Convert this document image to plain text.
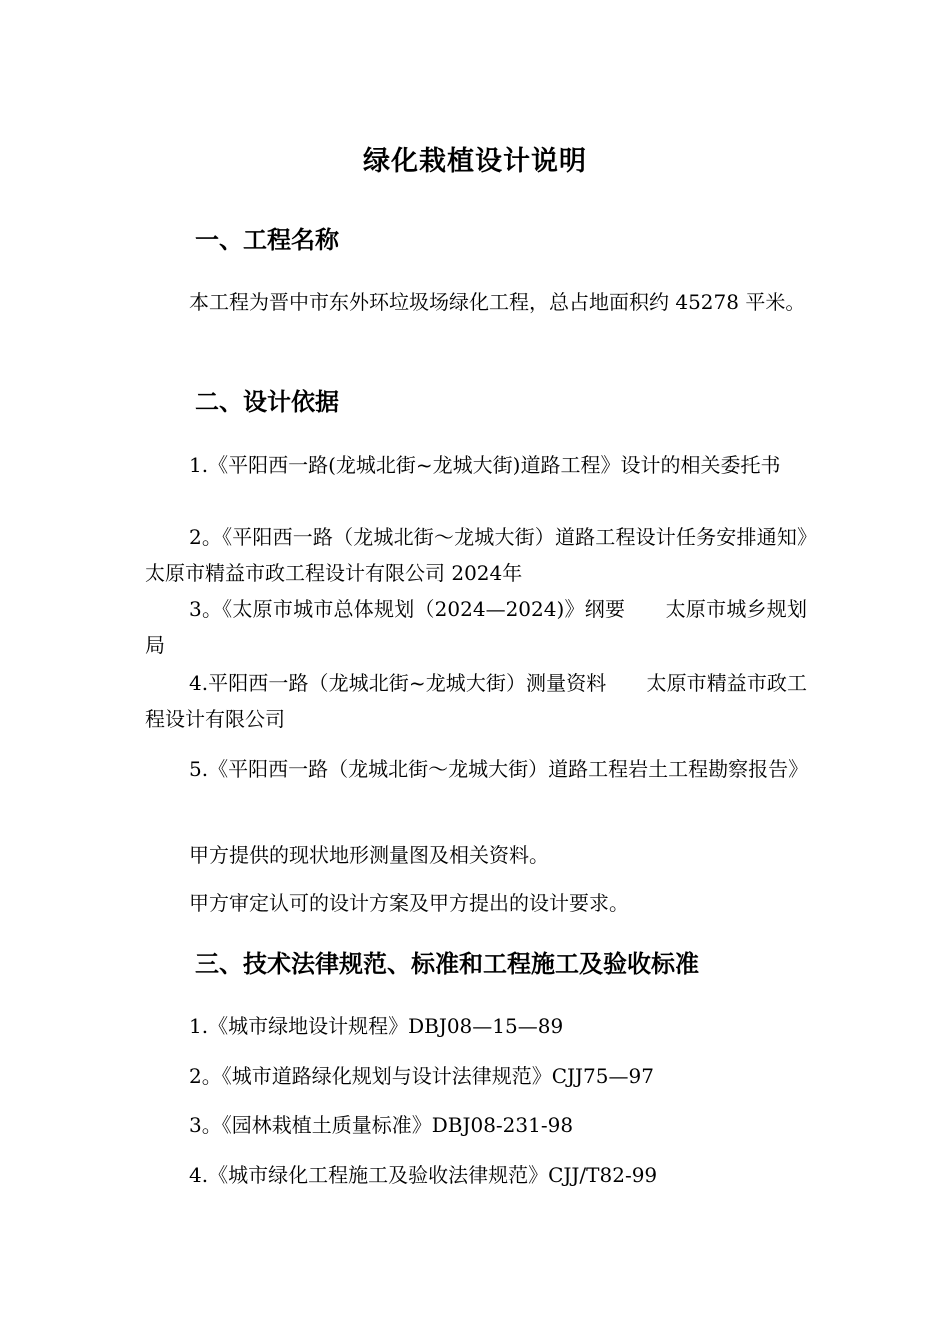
绿化栽植设计说明
一、工程名称

本工程为晋中市东外环垃圾场绿化工程，总占地面积约 45278 平米。

二、设计依据

1.《平阳西一路(龙城北街~龙城大街)道路工程》设计的相关委托书

2。《平阳西一路（龙城北街～龙城大街）道路工程设计任务安排通知》　太原市精益市政工程设计有限公司 2024年

3。《太原市城市总体规划（2024—2024)》纲要　　太原市城乡规划局

4.平阳西一路（龙城北街~龙城大街）测量资料　　太原市精益市政工程设计有限公司

5.《平阳西一路（龙城北街～龙城大街）道路工程岩土工程勘察报告》

甲方提供的现状地形测量图及相关资料。

甲方审定认可的设计方案及甲方提出的设计要求。

三、技术法律规范、标准和工程施工及验收标准

1.《城市绿地设计规程》DBJ08—15—89

2。《城市道路绿化规划与设计法律规范》CJJ75—97

3。《园林栽植土质量标准》DBJ08-231-98

4.《城市绿化工程施工及验收法律规范》CJJ/T82-99
